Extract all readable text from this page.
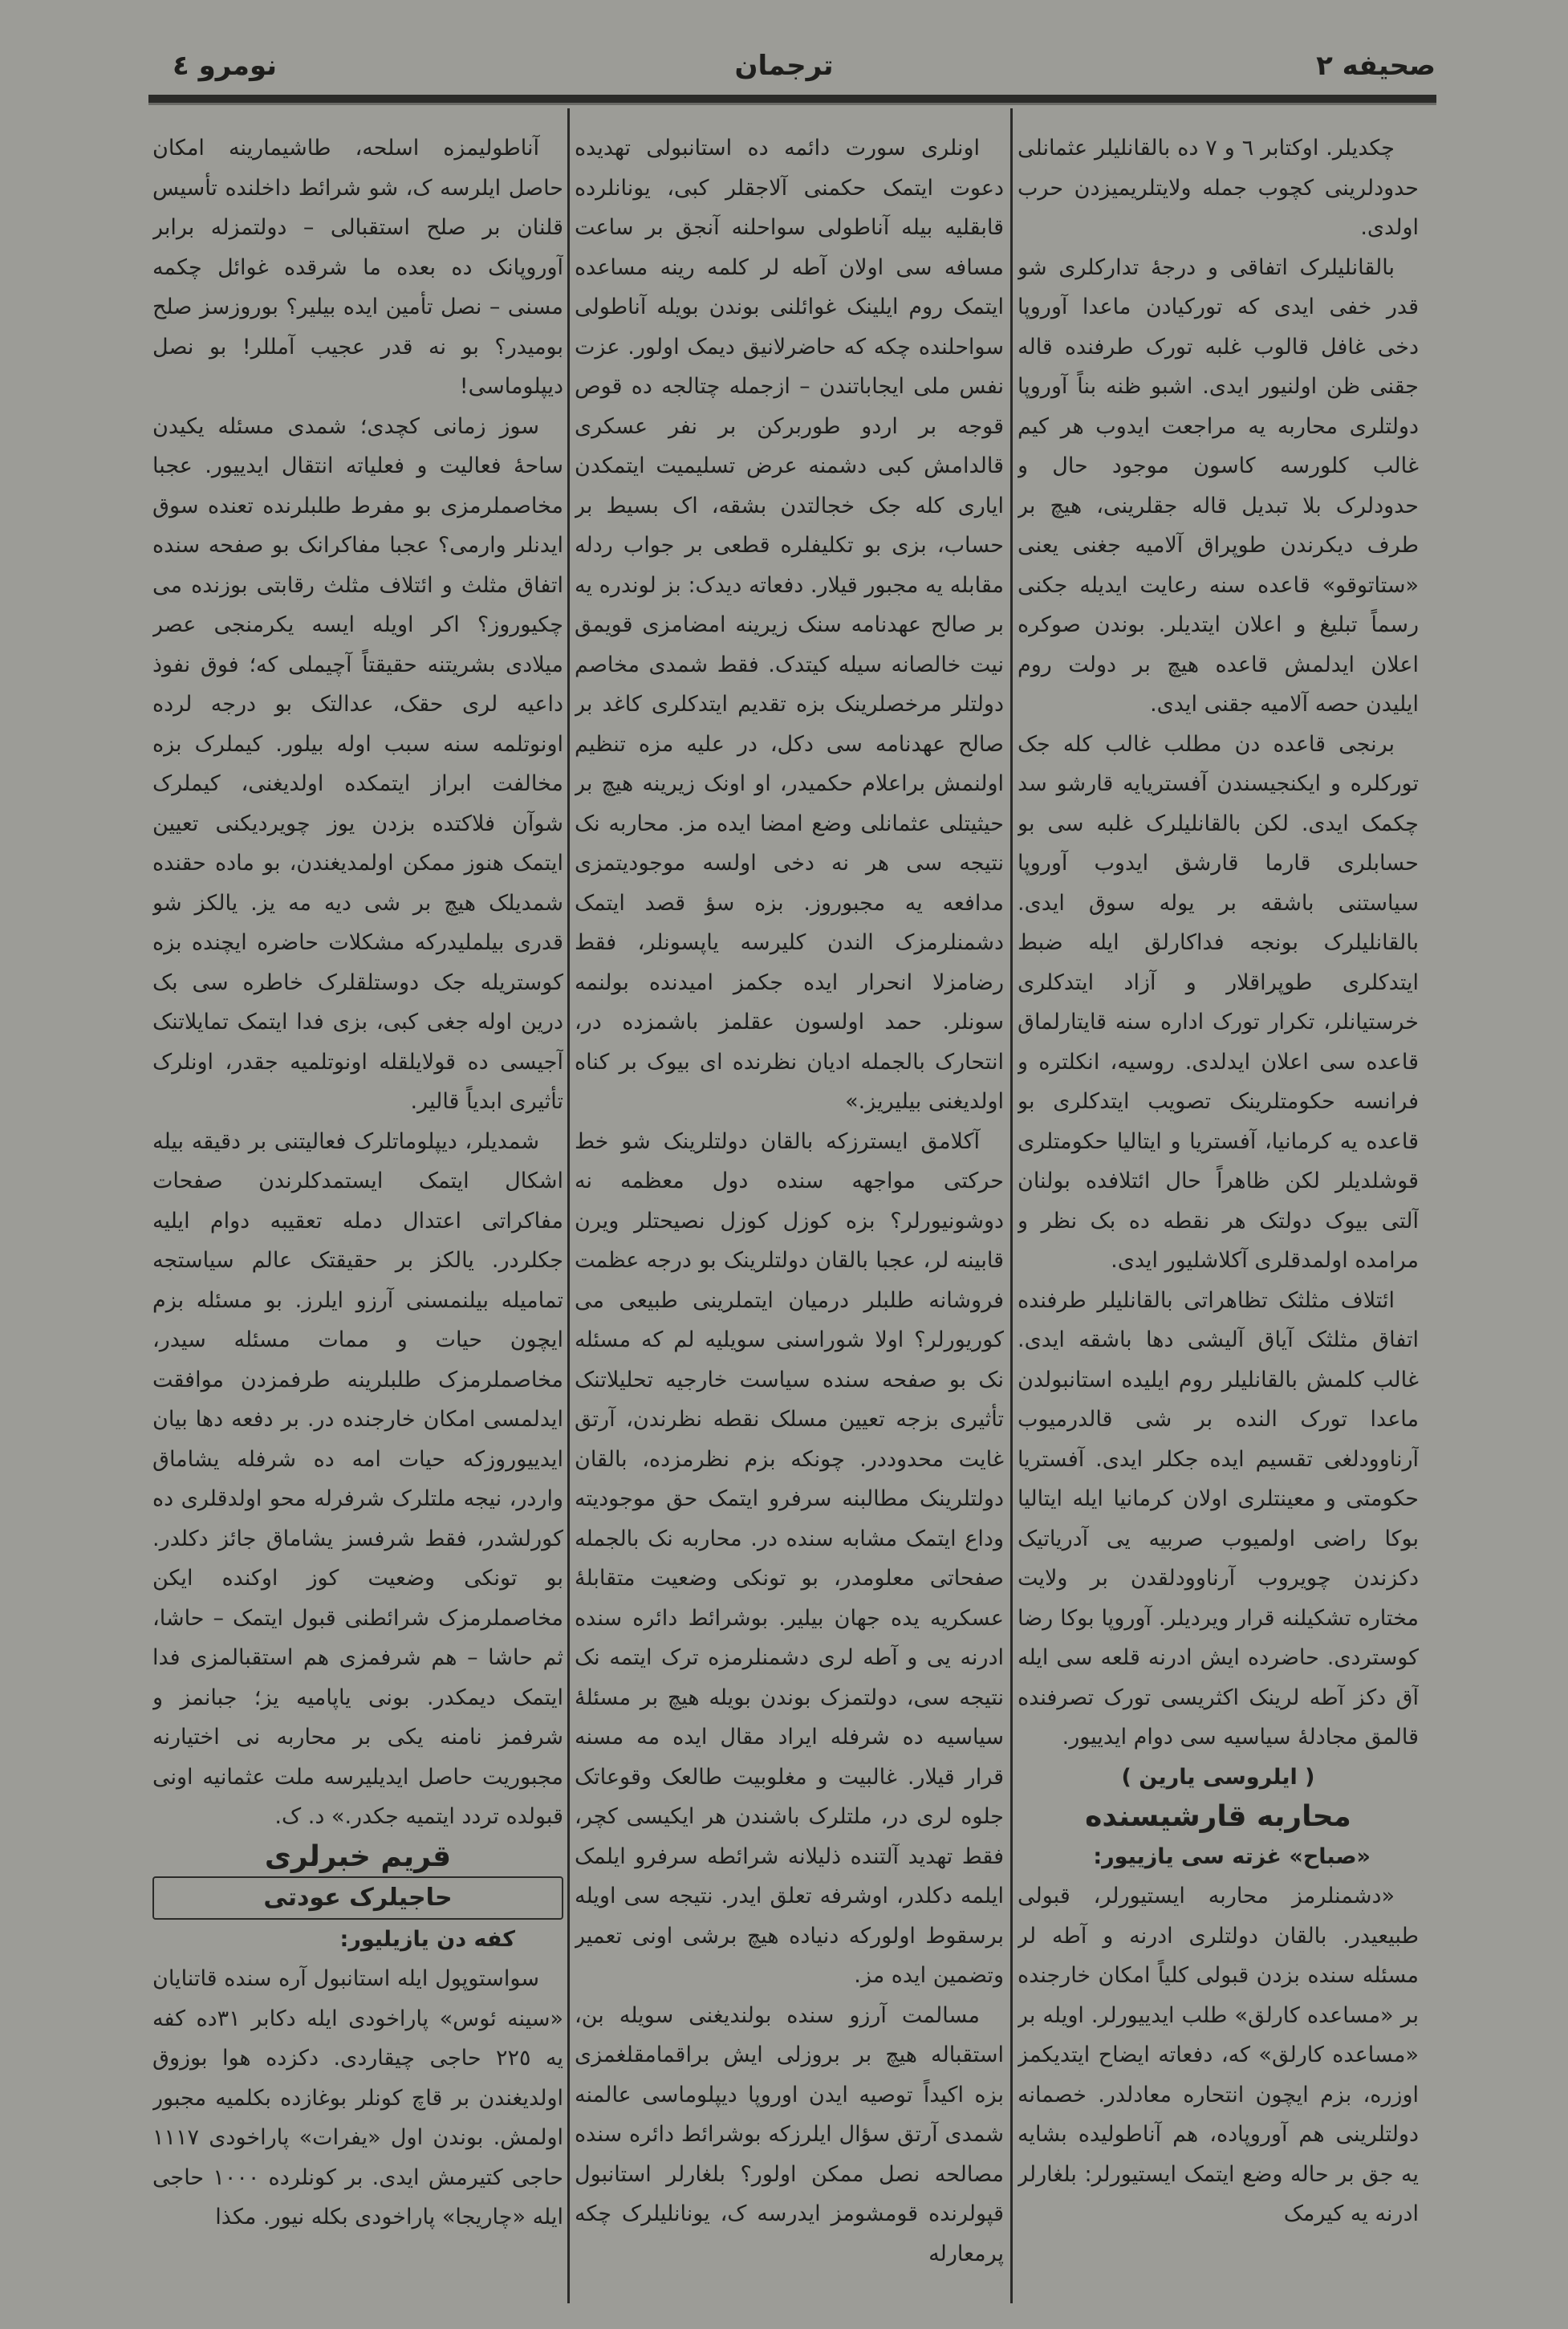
صحیفه ٢
ترجمان
نومرو ٤

چکدیلر. اوکتابر ٦ و ٧ ده بالقانلیلر عثمانلی حدودلرینی کچوب جمله ولایتلریمیزدن حرب اولدی.

بالقانلیلرک اتفاقی و درجهٔ تدارکلری شو قدر خفی ایدی که تورکیادن ماعدا آوروپا دخی غافل قالوب غلبه تورک طرفنده قاله جقنی ظن اولنیور ایدی. اشبو ظنه بناً آوروپا دولتلری محاربه یه مراجعت ایدوب هر کیم غالب کلورسه کاسون موجود حال و حدودلرک بلا تبدیل قاله جقلرینی، هیچ بر طرف دیکرندن طوپراق آلامیه جغنی یعنی «ستاتوقو» قاعده سنه رعایت ایدیله جکنی رسماً تبلیغ و اعلان ایتدیلر. بوندن صوکره اعلان ایدلمش قاعده هیچ بر دولت روم ایلیدن حصه آلامیه جقنی ایدی.

برنجی قاعده دن مطلب غالب کله جک تورکلره و ایکنجیسندن آفستریایه قارشو سد چکمک ایدی. لکن بالقانلیلرک غلبه سی بو حسابلری قارما قارشق ایدوب آوروپا سیاستنی باشقه بر یوله سوق ایدی. بالقانلیلرک بونجه فداکارلق ایله ضبط ایتدکلری طوپراقلار و آزاد ایتدکلری خرستیانلر، تکرار تورک اداره سنه قایتارلماق قاعده سی اعلان ایدلدی. روسیه، انکلتره و فرانسه حکومتلرینک تصویب ایتدکلری بو قاعده یه کرمانیا، آفستریا و ایتالیا حکومتلری قوشلدیلر لکن ظاهراً حال ائتلافده بولنان آلتی بیوک دولتک هر نقطه ده بک نظر و مرامده اولمدقلری آکلاشلیور ایدی.

ائتلاف مثلثک تظاهراتی بالقانلیلر طرفنده اتفاق مثلثک آیاق آلیشی دها باشقه ایدی. غالب کلمش بالقانلیلر روم ایلیده استانبولدن ماعدا تورک النده بر شی قالدرمیوب آرناوودلغی تقسیم ایده جکلر ایدی. آفستریا حکومتی و معینتلری اولان کرمانیا ایله ایتالیا بوکا راضی اولمیوب صربیه یی آدریاتیک دکزندن چویروب آرناوودلقدن بر ولایت مختاره تشکیلنه قرار ویردیلر. آوروپا بوکا رضا کوستردی. حاضرده ایش ادرنه قلعه سی ایله آق دکز آطه لرینک اکثریسی تورک تصرفنده قالمق مجادلهٔ سیاسیه سی دوام ایدییور.

( ایلروسی یارین )

محاربه قارشیسنده

«صباح» غزته سی یازییور:

«دشمنلرمز محاربه ایستیورلر، قبولی طبیعیدر. بالقان دولتلری ادرنه و آطه لر مسئله سنده بزدن قبولی کلیاً امکان خارجنده بر «مساعده کارلق» طلب ایدییورلر. اویله بر «مساعده کارلق» که، دفعاته ایضاح ایتدیکمز اوزره، بزم ایچون انتحاره معادلدر. خصمانه دولتلرینی هم آوروپاده، هم آناطولیده بشایه یه جق بر حاله وضع ایتمک ایستیورلر: بلغارلر ادرنه یه کیرمک

اونلری سورت دائمه ده استانبولی تهدیده دعوت ایتمک حکمنی آلاجقلر کبی، یونانلرده قابقلیه بیله آناطولی سواحلنه آنجق بر ساعت مسافه سی اولان آطه لر کلمه رینه مساعده ایتمک روم ایلینک غوائلنی بوندن بویله آناطولی سواحلنده چکه که حاضرلانیق دیمک اولور. عزت نفس ملی ایجاباتندن – ازجمله چتالجه ده قوص قوجه بر اردو طوربرکن بر نفر عسکری قالدامش کبی دشمنه عرض تسلیمیت ایتمکدن ایاری کله جک خجالتدن بشقه، اک بسیط بر حساب، بزی بو تکلیفلره قطعی بر جواب ردله مقابله یه مجبور قیلار. دفعاته دیدک: بز لوندره یه بر صالح عهدنامه سنک زیرینه امضامزی قویمق نیت خالصانه سیله کیتدک. فقط شمدی مخاصم دولتلر مرخصلرینک بزه تقدیم ایتدکلری کاغد بر صالح عهدنامه سی دکل، در علیه مزه تنظیم اولنمش براعلام حکمیدر، او اونک زیرینه هیچ بر حیثیتلی عثمانلی وضع امضا ایده مز. محاربه نک نتیجه سی هر نه دخی اولسه موجودیتمزی مدافعه یه مجبوروز. بزه سؤ قصد ایتمک دشمنلرمزک الندن کلیرسه یاپسونلر، فقط رضامزلا انحرار ایده جکمز امیدنده بولنمه سونلر. حمد اولسون عقلمز باشمزده در، انتحارک بالجمله ادیان نظرنده ای بیوک بر کناه اولدیغنی بیلیریز.»

آکلامق ایسترزکه بالقان دولتلرینک شو خط حرکتی مواجهه سنده دول معظمه نه دوشونیورلر؟ بزه کوزل کوزل نصیحتلر ویرن قابینه لر، عجبا بالقان دولتلرینک بو درجه عظمت فروشانه طلبلر درمیان ایتملرینی طبیعی می کوریورلر؟ اولا شوراسنی سویلیه لم که مسئله نک بو صفحه سنده سیاست خارجیه تحلیلاتنک تأثیری بزجه تعیین مسلک نقطه نظرندن، آرتق غایت محدوددر. چونکه بزم نظرمزده، بالقان دولتلرینک مطالبنه سرفرو ایتمک حق موجودیته وداع ایتمک مشابه سنده در. محاربه نک بالجمله صفحاتی معلومدر، بو تونکی وضعیت متقابلهٔ عسکریه یده جهان بیلیر. بوشرائط دائره سنده ادرنه یی و آطه لری دشمنلرمزه ترک ایتمه نک نتیجه سی، دولتمزک بوندن بویله هیچ بر مسئلهٔ سیاسیه ده شرفله ایراد مقال ایده مه مسنه قرار قیلار. غالبیت و مغلوبیت طالعک وقوعاتک جلوه لری در، ملتلرک باشندن هر ایکیسی کچر، فقط تهدید آلتنده ذلیلانه شرائطه سرفرو ایلمک ایلمه دکلدر، اوشرفه تعلق ایدر. نتیجه سی اویله برسقوط اولورکه دنیاده هیچ برشی اونی تعمیر وتضمین ایده مز.

مسالمت آرزو سنده بولندیغنی سویله بن، استقباله هیچ بر بروزلی ایش براقمامقلغمزی بزه اکیداً توصیه ایدن اوروپا دیپلوماسی عالمنه شمدی آرتق سؤال ایلرزکه بوشرائط دائره سنده مصالحه نصل ممکن اولور؟ بلغارلر استانبول قپولرنده قومشومز ایدرسه ک، یونانلیلرک چکه پرمعارله

آناطولیمزه اسلحه، طاشیمارینه امکان حاصل ایلرسه ک، شو شرائط داخلنده تأسیس قلنان بر صلح استقبالی – دولتمزله برابر آوروپانک ده بعده ما شرقده غوائل چکمه مسنی – نصل تأمین ایده بیلیر؟ بوروزسز صلح بومیدر؟ بو نه قدر عجیب آمللر! بو نصل دیپلوماسی!

سوز زمانی کچدی؛ شمدی مسئله یکیدن ساحهٔ فعالیت و فعلیاته انتقال ایدییور. عجبا مخاصملرمزی بو مفرط طلبلرنده تعنده سوق ایدنلر وارمی؟ عجبا مفاکرانک بو صفحه سنده اتفاق مثلث و ائتلاف مثلث رقابتی بوزنده می چکیوروز؟ اکر اویله ایسه یکرمنجی عصر میلادی بشریتنه حقیقتاً آچیملی که؛ فوق نفوذ داعیه لری حقک، عدالتک بو درجه لرده اونوتلمه سنه سبب اوله بیلور. کیملرک بزه مخالفت ابراز ایتمکده اولدیغنی، کیملرک شوآن فلاکتده بزدن یوز چویردیکنی تعیین ایتمک هنوز ممکن اولمدیغندن، بو ماده حقنده شمدیلک هیچ بر شی دیه مه یز. یالکز شو قدری بیلملیدرکه مشکلات حاضره ایچنده بزه کوستریله جک دوستلقلرک خاطره سی بک درین اوله جغی کبی، بزی فدا ایتمک تمایلاتنک آجیسی ده قولایلقله اونوتلمیه جقدر، اونلرک تأثیری ابدیاً قالیر.

شمدیلر، دیپلوماتلرک فعالیتنی بر دقیقه بیله اشکال ایتمک ایستمدکلرندن صفحات مفاکراتی اعتدال دمله تعقیبه دوام ایلیه جکلردر. یالکز بر حقیقتک عالم سیاستجه تمامیله بیلنمسنی آرزو ایلرز. بو مسئله بزم ایچون حیات و ممات مسئله سیدر، مخاصملرمزک طلبلرینه طرفمزدن موافقت ایدلمسی امکان خارجنده در. بر دفعه دها بیان ایدییوروزکه حیات امه ده شرفله یشاماق واردر، نیجه ملتلرک شرفرله محو اولدقلری ده کورلشدر، فقط شرفسز یشاماق جائز دکلدر. بو تونکی وضعیت کوز اوکنده ایکن مخاصملرمزک شرائطنی قبول ایتمک – حاشا، ثم حاشا – هم شرفمزی هم استقبالمزی فدا ایتمک دیمکدر. بونی یاپامیه یز؛ جبانمز و شرفمز نامنه یکی بر محاربه نی اختیارنه مجبوریت حاصل ایدیلیرسه ملت عثمانیه اونی قبولده تردد ایتمیه جکدر.» د. ک.

قریم خبرلری

حاجیلرک عودتی

کفه دن یازیلیور:

سواستوپول ایله استانبول آره سنده قاتنایان «سینه ئوس» پاراخودی ایله دکابر ٣١ده کفه یه ٢٢٥ حاجی چیقاردی. دکزده هوا بوزوق اولدیغندن بر قاچ کونلر بوغازده بکلمیه مجبور اولمش. بوندن اول «یفرات» پاراخودی ١١١٧ حاجی کتیرمش ایدی. بر کونلرده ١٠٠٠ حاجی ایله «چاریجا» پاراخودی بکله نیور. مکذا
